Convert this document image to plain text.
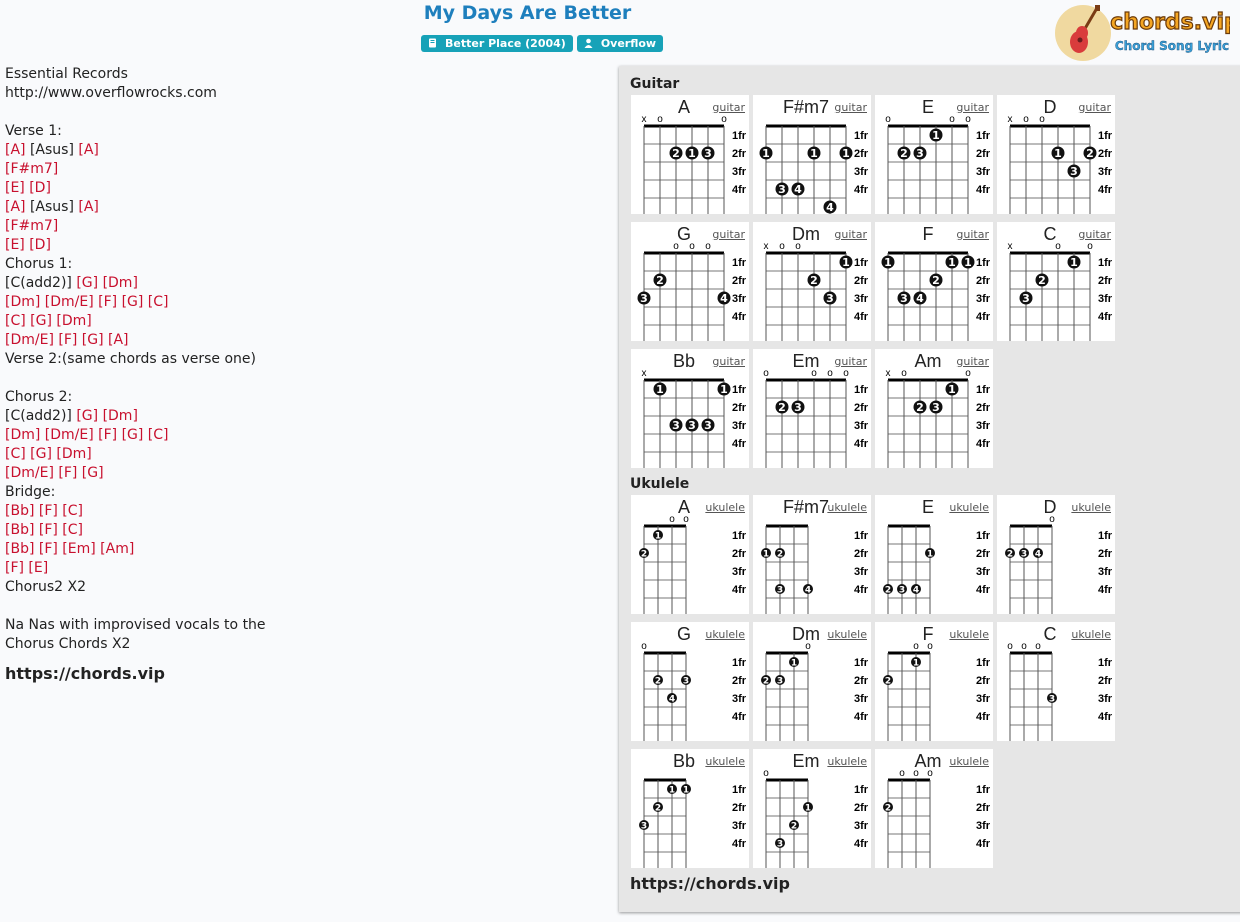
My Days Are Better
Better Place (2004)	Overflow
chords.vip
Chord Song Lyric
Essential Records
http://www.overflowrocks.com

Verse 1:
[A] [Asus] [A]
[F#m7]
[E] [D]
[A] [Asus] [A]
[F#m7]
[E] [D]
Chorus 1:
[C(add2)] [G] [Dm]
[Dm] [Dm/E] [F] [G] [C]
[C] [G] [Dm]
[Dm/E] [F] [G] [A]
Verse 2:(same chords as verse one)

Chorus 2:
[C(add2)] [G] [Dm]
[Dm] [Dm/E] [F] [G] [C]
[C] [G] [Dm]
[Dm/E] [F] [G]
Bridge:
[Bb] [F] [C]
[Bb] [F] [C]
[Bb] [F] [Em] [Am]
[F] [E]
Chorus2 X2

Na Nas with improvised vocals to the
Chorus Chords X2
https://chords.vip
Guitar
1fr
2fr
3fr
4fr
x o	o
2 1 3
A	guitar
1fr
2fr
3fr
4fr
1
3 4
1
4
1
F#m7 guitar
1fr
2fr
3fr
4fr
o	o o
2 3
1
E	guitar
1fr
2fr
3fr
4fr
x o o
1
3
2
D	guitar
1fr
2fr
3fr
4fr
o o o
3
2
4
G	guitar
1fr
2fr
3fr
4fr
x o o
2
3
1
Dm	guitar
1fr
2fr
3fr
4fr
1
3 4
2
1 1
F	guitar
1fr
2fr
3fr
4fr
x	o	o
3
2
1
C	guitar
1fr
2fr
3fr
4fr
x
1
3 3 3
1
Bb	guitar
1fr
2fr
3fr
4fr
o	o o o
2 3
Em	guitar
1fr
2fr
3fr
4fr
x o	o
2 3
1
Am	guitar
Ukulele
1fr
2fr
3fr
4fr
o o
2
1
A	ukulele
1fr
2fr
3fr
4fr
1 2
3 4
F#m7
ukulele
1fr
2fr
3fr
4fr
2 3 4
1
E	ukulele
1fr
2fr
3fr
4fr
o
2 3 4
D	ukulele
1fr
2fr
3fr
4fr
o
2
4
3
G	ukulele
1fr
2fr
3fr
4fr
o
2 3
1
Dm ukulele
1fr
2fr
3fr
4fr
o o
2
1
F	ukulele
1fr
2fr
3fr
4fr
o o o
3
C	ukulele
1fr
2fr
3fr
4fr
3
2
1 1
Bb ukulele
1fr
2fr
3fr
4fr
o
3
2
1
Em ukulele
1fr
2fr
3fr
4fr
o o o
2
Am ukulele
https://chords.vip
